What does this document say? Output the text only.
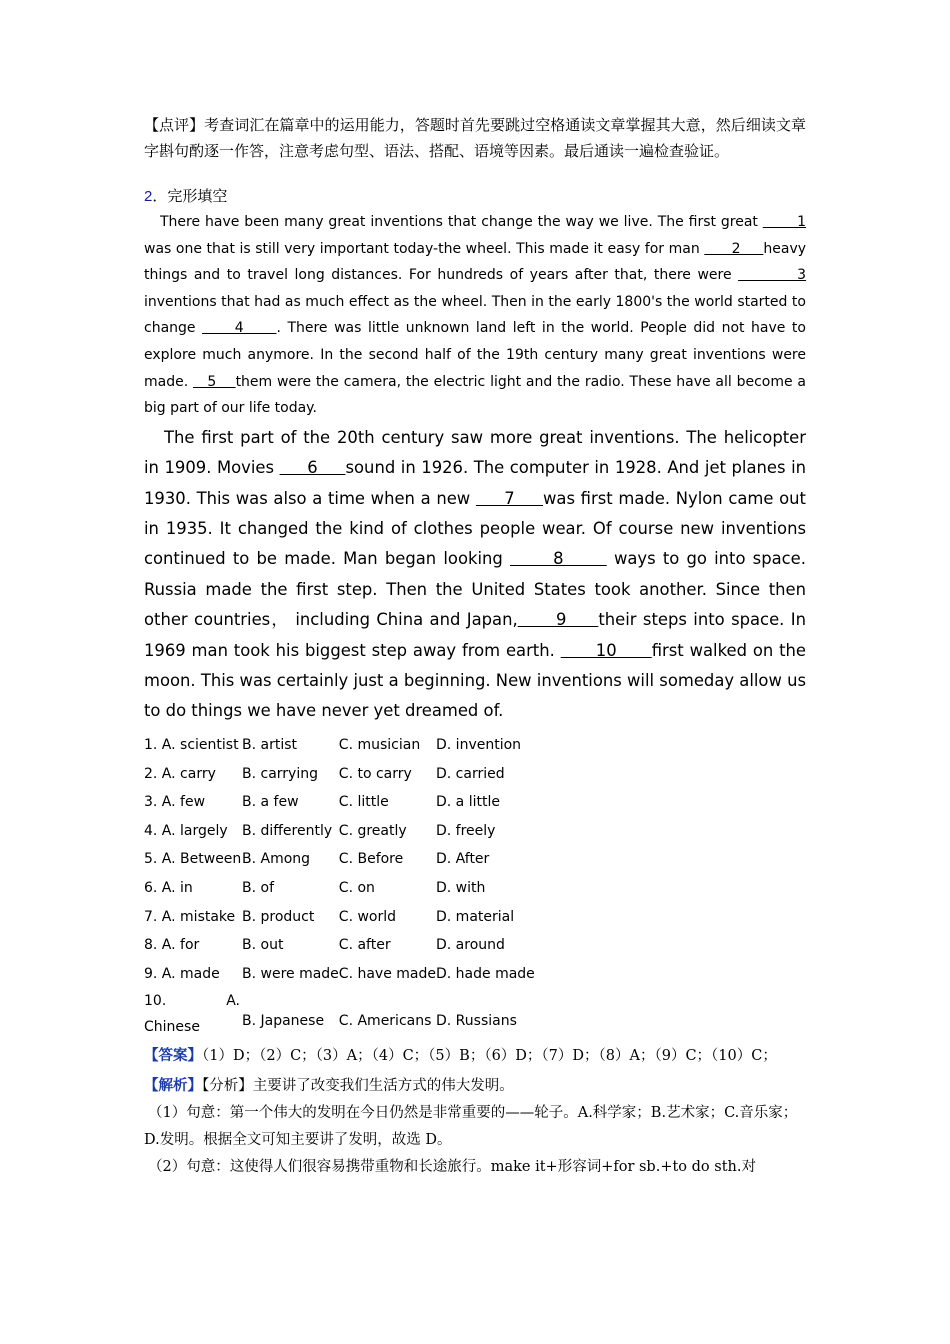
【点评】考查词汇在篇章中的运用能力，答题时首先要跳过空格通读文章掌握其大意，然后细读文章字斟句酌逐一作答，注意考虑句型、语法、搭配、语境等因素。最后通读一遍检查验证。
2．完形填空

There have been many great inventions that change the way we live. The first great        1 was one that is still very important today-the wheel. This made it easy for man       2     heavy things and to travel long distances. For hundreds of years after that, there were          3 inventions that had as much effect as the wheel. Then in the early 1800's the world started to change      4     . There was little unknown land left in the world. People did not have to explore much anymore. In the second half of the 19th century many great inventions were made.    5    them were the camera, the electric light and the radio. These have all become a big part of our life today.

The first part of the 20th century saw more great inventions. The helicopter in 1909. Movies      6     sound in 1926. The computer in 1928. And jet planes in 1930. This was also a time when a new      7     was first made. Nylon came out in 1935. It changed the kind of clothes people wear. Of course new inventions continued to be made. Man began looking       8       ways to go into space. Russia made the first step. Then the United States took another. Since then other countries， including China and Japan,      9     their steps into space. In 1969 man took his biggest step away from earth.       10      first walked on the moon. This was certainly just a beginning. New inventions will someday allow us to do things we have never yet dreamed of.

1. A. scientist	B. artist	C. musician	D. invention
2. A. carry	B. carrying	C. to carry	D. carried
3. A. few	B. a few	C. little	D. a little
4. A. largely	B. differently	C. greatly	D. freely
5. A. Between	B. Among	C. Before	D. After
6. A. in	B. of	C. on	D. with
7. A. mistake	B. product	C. world	D. material
8. A. for	B. out	C. after	D. around
9. A. made	B. were made	C. have made	D. hade made

10. A.
Chinese	B. Japanese	C. Americans	D. Russians
【答案】（1）D；（2）C；（3）A；（4）C；（5）B；（6）D；（7）D；（8）A；（9）C；（10）C；
【解析】【分析】主要讲了改变我们生活方式的伟大发明。
（1）句意：第一个伟大的发明在今日仍然是非常重要的——轮子。A.科学家；B.艺术家；C.音乐家；D.发明。根据全文可知主要讲了发明，故选 D。
（2）句意：这使得人们很容易携带重物和长途旅行。make it+形容词+for sb.+to do sth.对
